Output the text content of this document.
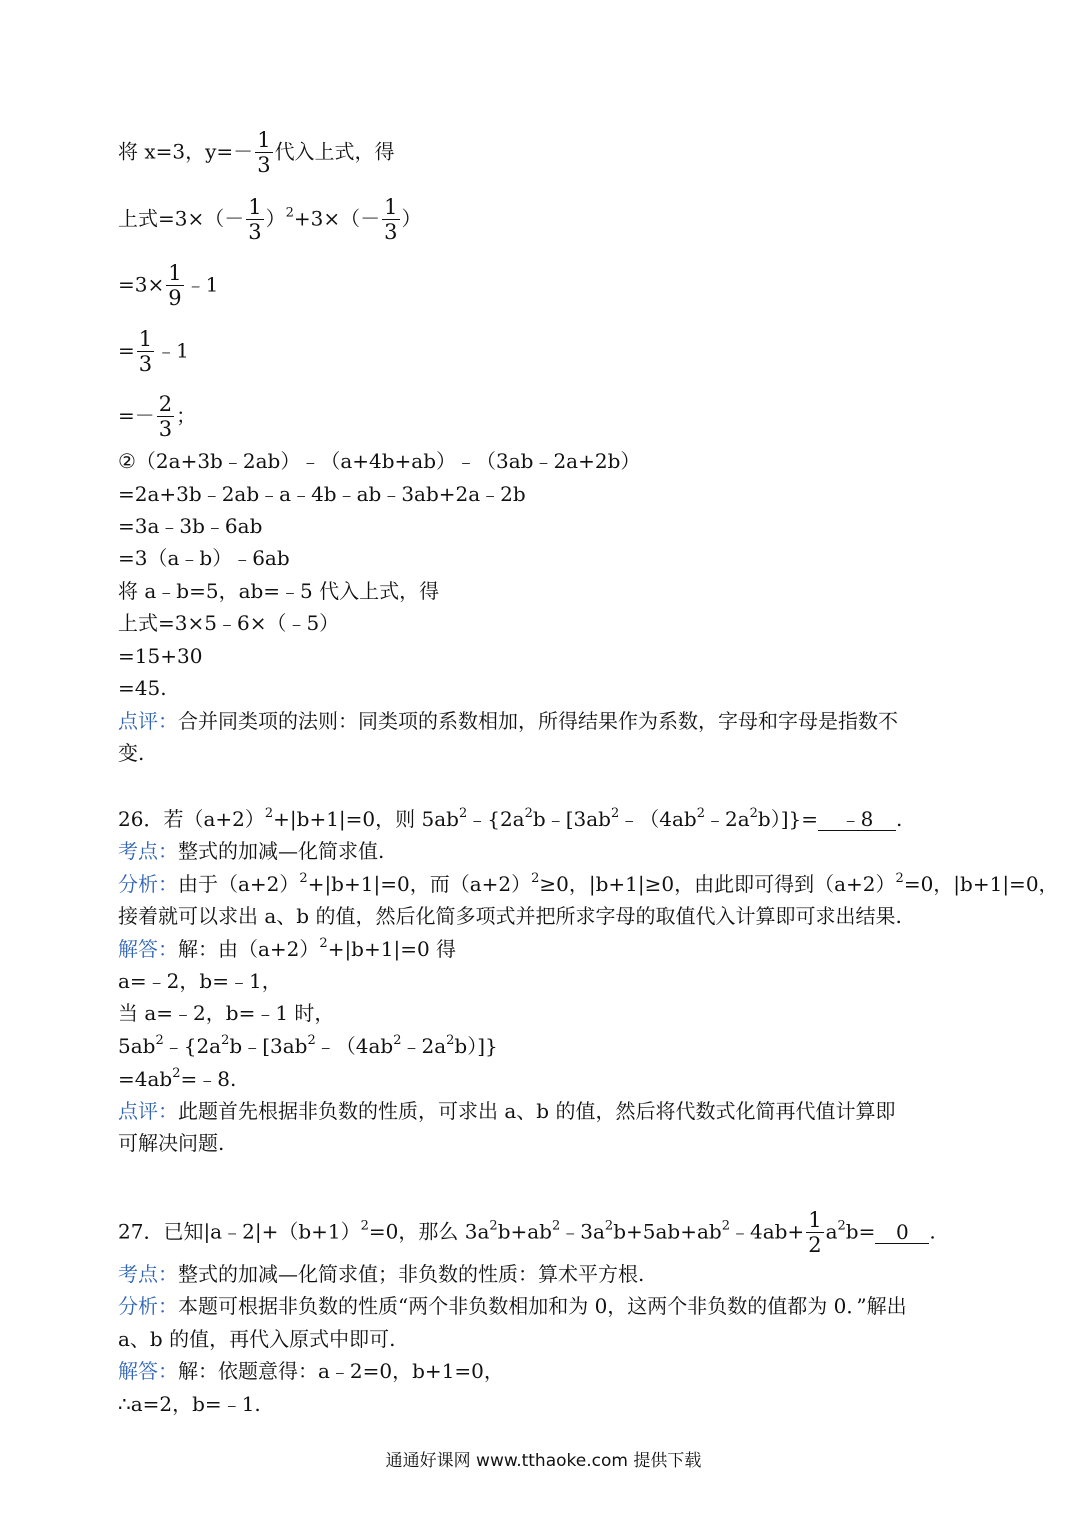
将 x=3，$y=- \frac{1}{3}$ 代入上式，得
上式$=3\times(- \frac{1}{3} )^2+3\times(- \frac{1}{3}$ ）
$=3\times \frac{1}{9}$ ﹣1
= $\frac{1}{3}$ ﹣1
=－ $\frac{2}{3}$ ；
②（2a+3b﹣2ab）﹣（a+4b+ab）﹣（3ab﹣2a+2b）
=2a+3b﹣2ab﹣a﹣4b﹣ab﹣3ab+2a﹣2b
=3a﹣3b﹣6ab
=3（a﹣b）﹣6ab
将 a﹣b=5，ab=﹣5 代入上式，得
上式=3×5﹣6×（﹣5）
=15+30
=45.
点评：合并同类项的法则：同类项的系数相加，所得结果作为系数，字母和字母是指数不
变.
26．若$(a+2)^2+|b+1|=0$，则 $5ab^2﹣\{2a^2b﹣[3ab^2﹣(4ab^2﹣2a^2b)]\}=$ ﹣8 .
考点：整式的加减—化简求值.
分析：由于$(a+2)^2+|b+1|=0$，而$(a+2)^2\ge 0$，|b+1|≥0，由此即可得到$(a+2)^2=0$，|b+1|=0，
接着就可以求出 a、b 的值，然后化简多项式并把所求字母的取值代入计算即可求出结果.
解答：解：由$(a+2)^2+|b+1|=0$ 得
a=﹣2，b=﹣1，
当 a=﹣2，b=﹣1 时，
$5ab^2﹣\{2a^2b﹣[3ab^2﹣(4ab^2﹣2a^2b)]\}$
$=4ab^2=﹣8$.
点评：此题首先根据非负数的性质，可求出 a、b 的值，然后将代数式化简再代值计算即
可解决问题.
27．已知$|a﹣2|+(b+1)^2=0$，那么 $3a^2b+ab^2﹣3a^2b+5ab+ab^2﹣4ab+ \frac{1}{2} a^2b= 0$ .
考点：整式的加减—化简求值；非负数的性质：算术平方根.
分析：本题可根据非负数的性质“两个非负数相加和为 0，这两个非负数的值都为 0．”解出
a、b 的值，再代入原式中即可.
解答：解：依题意得：a﹣2=0，b+1=0，
∴a=2，b=﹣1.
通通好课网 www.tthaoke.com 提供下载
